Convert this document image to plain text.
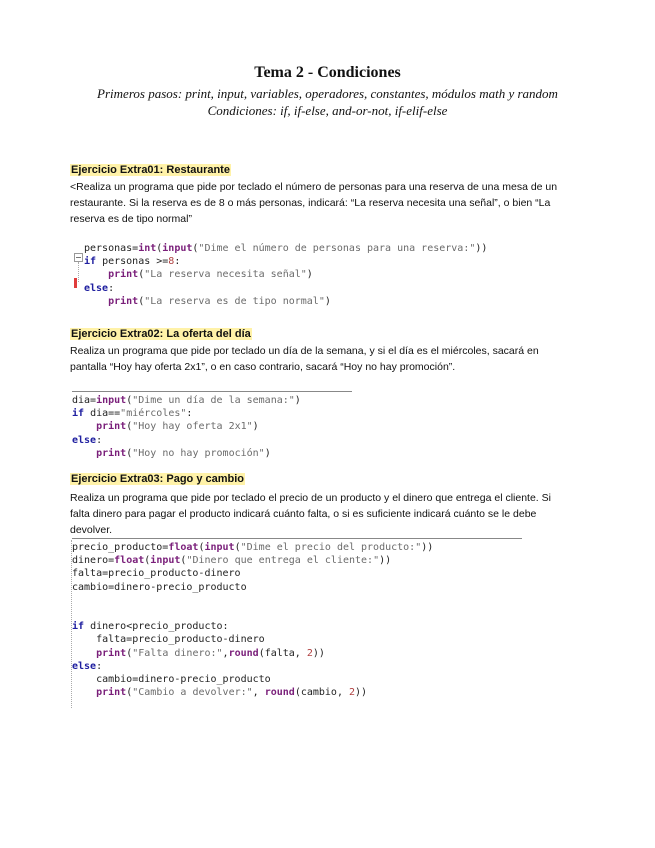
Tema 2 - Condiciones
Primeros pasos: print, input, variables, operadores, constantes, módulos math y random
Condiciones: if, if-else, and-or-not, if-elif-else
Ejercicio Extra01: Restaurante
<Realiza un programa que pide por teclado el número de personas para una reserva de una mesa de un restaurante. Si la reserva es de 8 o más personas, indicará: “La reserva necesita una señal”, o bien “La reserva es de tipo normal”
personas=int(input("Dime el número de personas para una reserva:"))
if personas >=8:
print("La reserva necesita señal")
else:
print("La reserva es de tipo normal")
Ejercicio Extra02: La oferta del día
Realiza un programa que pide por teclado un día de la semana, y si el día es el miércoles, sacará en pantalla “Hoy hay oferta 2x1”, o en caso contrario, sacará “Hoy no hay promoción”.
dia=input("Dime un día de la semana:")
if dia=="miércoles":
print("Hoy hay oferta 2x1")
else:
print("Hoy no hay promoción")
Ejercicio Extra03: Pago y cambio
Realiza un programa que pide por teclado el precio de un producto y el dinero que entrega el cliente. Si falta dinero para pagar el producto indicará cuánto falta, o si es suficiente indicará cuánto se le debe devolver.
precio_producto=float(input("Dime el precio del producto:"))
dinero=float(input("Dinero que entrega el cliente:"))
falta=precio_producto-dinero
cambio=dinero-precio_producto

if dinero<precio_producto:
falta=precio_producto-dinero
print("Falta dinero:",round(falta, 2))
else:
cambio=dinero-precio_producto
print("Cambio a devolver:", round(cambio, 2))
